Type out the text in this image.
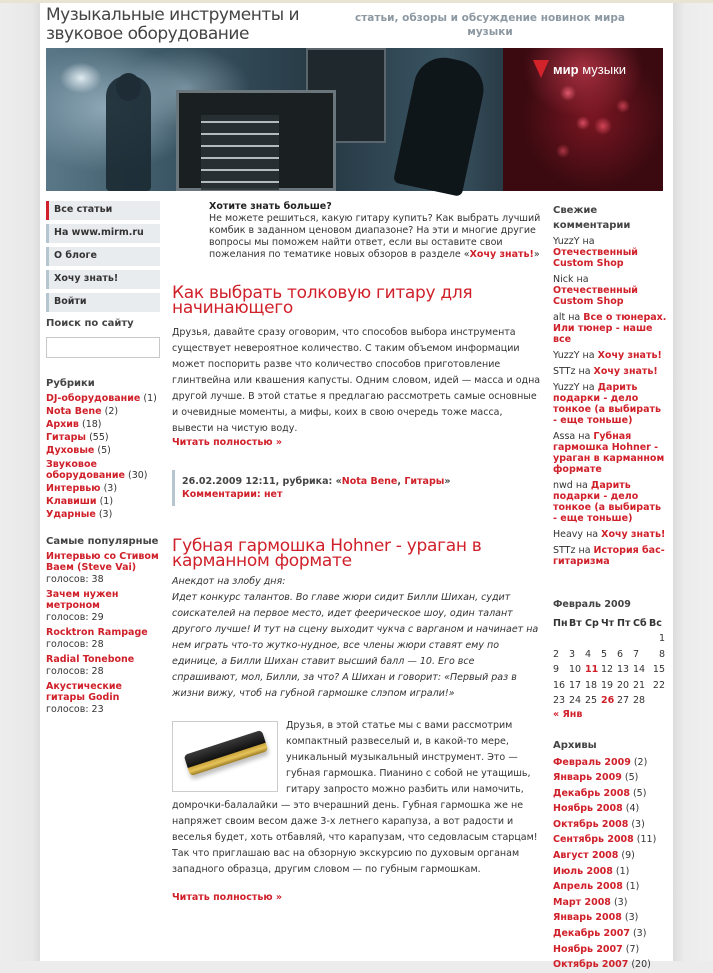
Музыкальные инструменты и звуковое оборудование
статьи, обзоры и обсуждение новинок мира музыки
мир музыки
Все статьи
На www.mirm.ru
О блоге
Хочу знать!
Войти
Поиск по сайту
Рубрики
DJ-оборудование (1)
Nota Bene (2)
Архив (18)
Гитары (55)
Духовые (5)
Звуковое оборудование (30)
Интервью (3)
Клавиши (1)
Ударные (3)
Самые популярные
Интервью со Стивом Ваем (Steve Vai)
голосов: 38
Зачем нужен метроном
голосов: 29
Rocktron Rampage
голосов: 28
Radial Tonebone
голосов: 28
Акустические гитары Godin
голосов: 23
Хотите знать больше?
Не можете решиться, какую гитару купить? Как выбрать лучший комбик в заданном ценовом диапазоне? На эти и многие другие вопросы мы поможем найти ответ, если вы оставите свои пожелания по тематике новых обзоров в разделе «Хочу знать!»
Как выбрать толковую гитару для начинающего

Друзья, давайте сразу оговорим, что способов выбора инструмента существует невероятное количество. С таким объемом информации может поспорить разве что количество способов приготовление глинтвейна или квашения капусты. Одним словом, идей — масса и одна другой лучше. В этой статье я предлагаю рассмотреть самые основные и очевидные моменты, а мифы, коих в свою очередь тоже масса, вывести на чистую воду.

Читать полностью »
26.02.2009 12:11, рубрика: «Nota Bene, Гитары»
Комментарии: нет
Губная гармошка Hohner - ураган в карманном формате
Анекдот на злобу дня:
Идет конкурс талантов. Во главе жюри сидит Билли Шихан, судит соискателей на первое место, идет феерическое шоу, один талант другого лучше! И тут на сцену выходит чукча с варганом и начинает на нем играть что-то жутко-нудное, все члены жюри ставят ему по единице, а Билли Шихан ставит высший балл — 10. Его все спрашивают, мол, Билли, за что? А Шихан и говорит: «Первый раз в жизни вижу, чтоб на губной гармошке слэпом играли!»

Друзья, в этой статье мы с вами рассмотрим компактный развеселый и, в какой-то мере, уникальный музыкальный инструмент. Это — губная гармошка. Пианино с собой не утащишь, гитару запросто можно разбить или намочить, домрочки-балалайки — это вчерашний день. Губная гармошка же не напряжет своим весом даже 3-х летнего карапуза, а вот радости и веселья будет, хоть отбавляй, что карапузам, что седовласым старцам! Так что приглашаю вас на обзорную экскурсию по духовым органам западного образца, другим словом — по губным гармошкам.

Читать полностью »
Свежие комментарии
YuzzY на Отечественный Custom Shop
Nick на Отечественный Custom Shop
alt на Все о тюнерах. Или тюнер - наше все
YuzzY на Хочу знать!
STTz на Хочу знать!
YuzzY на Дарить подарки - дело тонкое (а выбирать - еще тоньше)
Assa на Губная гармошка Hohner - ураган в карманном формате
nwd на Дарить подарки - дело тонкое (а выбирать - еще тоньше)
Heavy на Хочу знать!
STTz на История бас-гитаризма
Февраль 2009
Пн	Вт	Ср	Чт	Пт	Сб	Вс
						1
2	3	4	5	6	7	8
9	10	11	12	13	14	15
16	17	18	19	20	21	22
23	24	25	26	27	28	
« Янв
Архивы
Февраль 2009 (2)
Январь 2009 (5)
Декабрь 2008 (5)
Ноябрь 2008 (4)
Октябрь 2008 (3)
Сентябрь 2008 (11)
Август 2008 (9)
Июль 2008 (1)
Апрель 2008 (1)
Март 2008 (3)
Январь 2008 (3)
Декабрь 2007 (3)
Ноябрь 2007 (7)
Октябрь 2007 (20)
